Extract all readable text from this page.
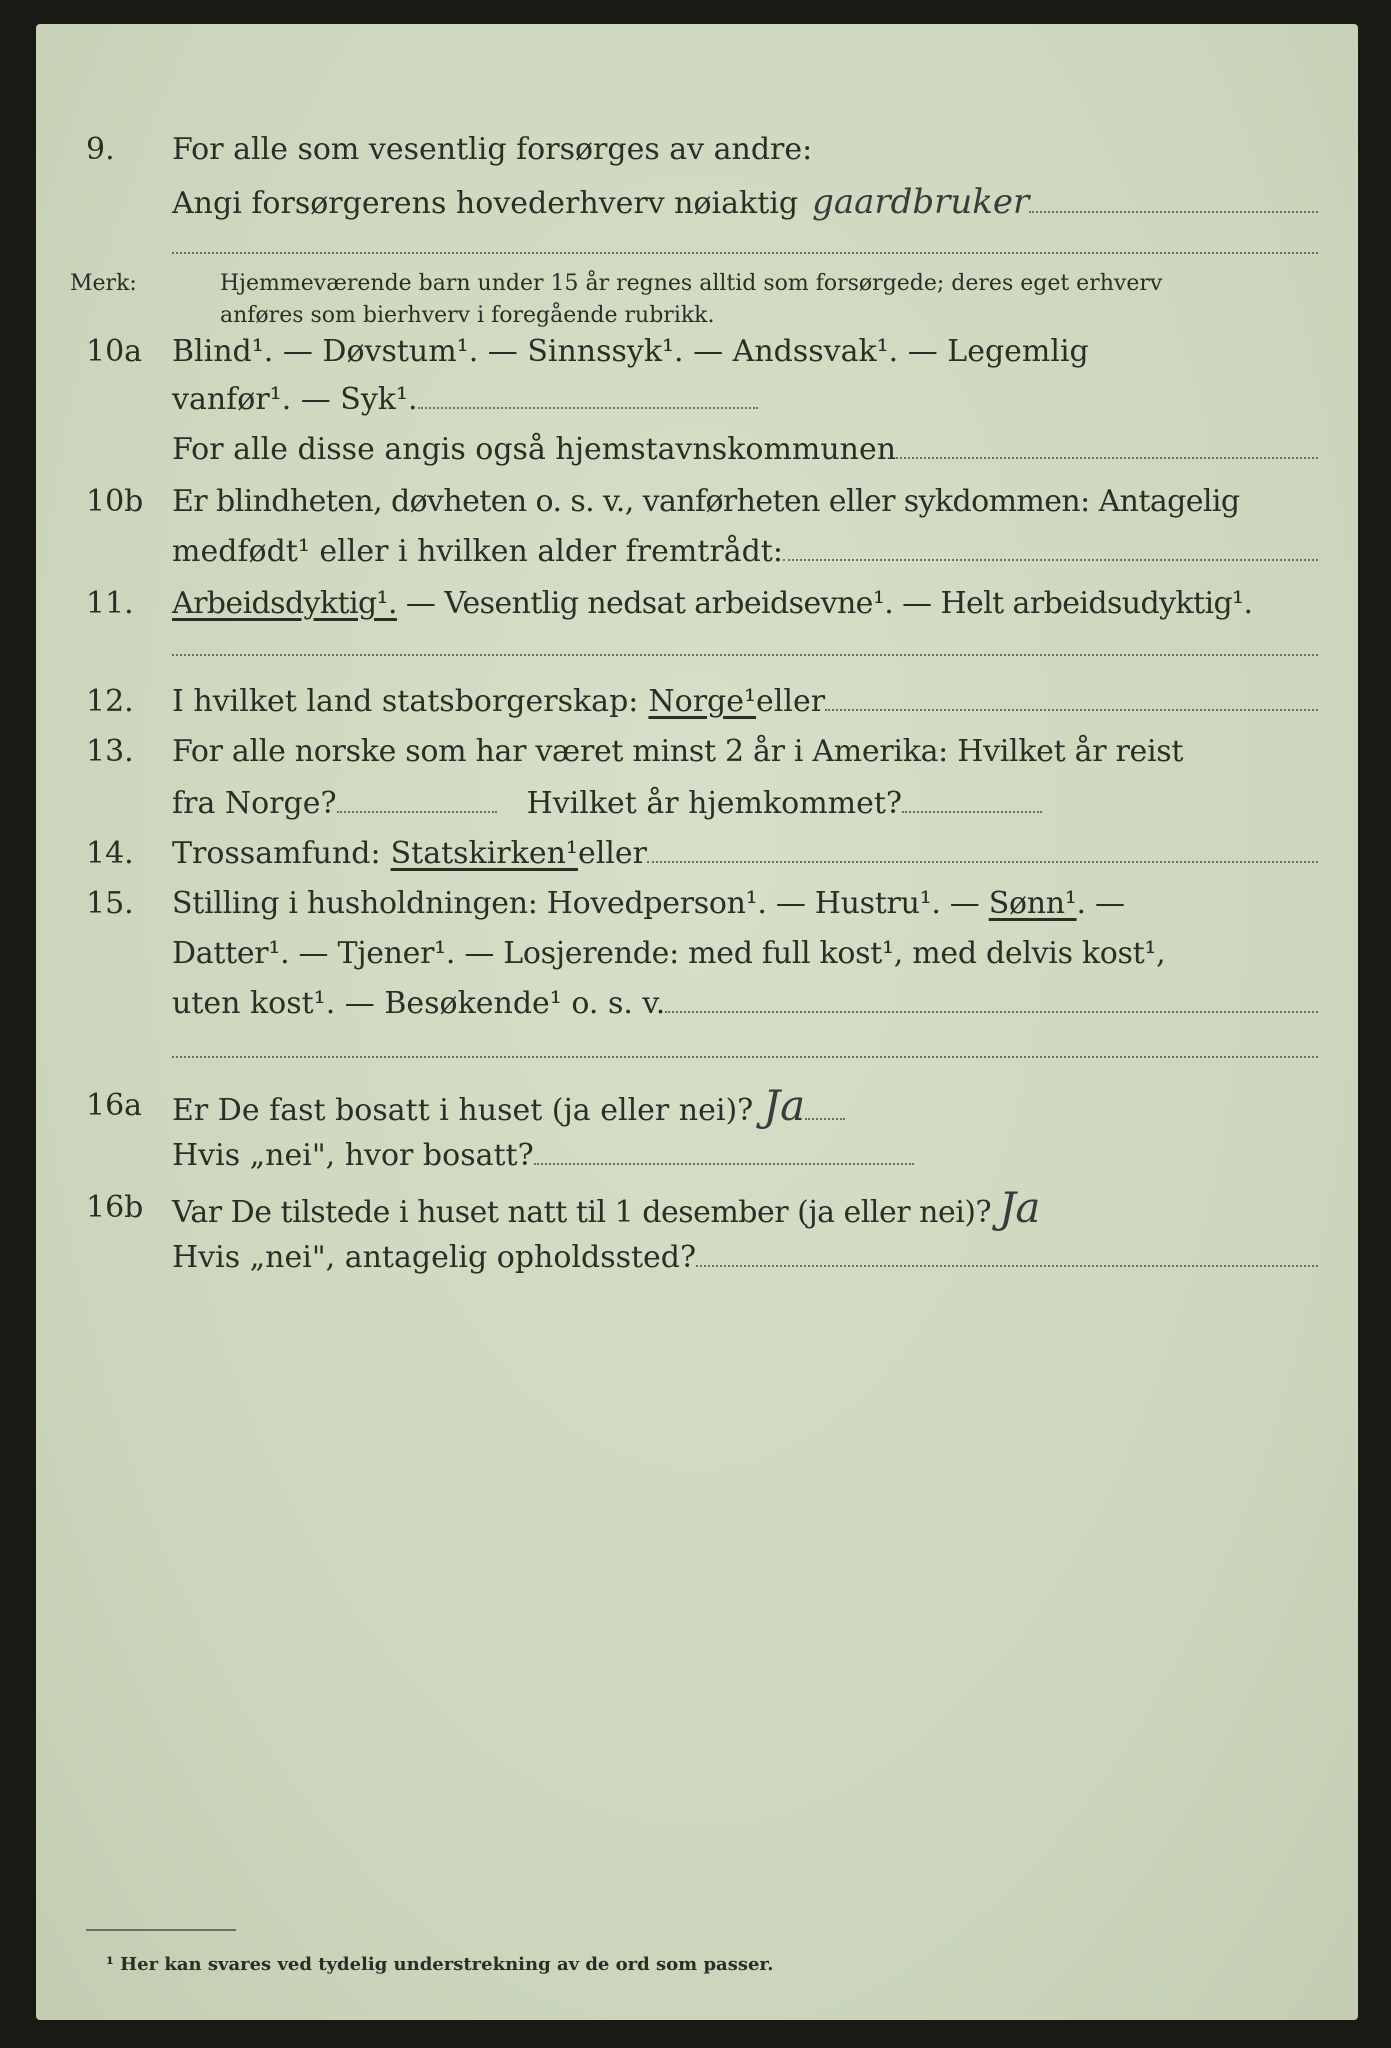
9.	For alle som vesentlig forsørges av andre:
Angi forsørgerens hovederhverv nøiaktig gaardbruker
Merk:	Hjemmeværende barn under 15 år regnes alltid som forsørgede; deres eget erhverv
anføres som bierhverv i foregående rubrikk.
10a Blind¹. — Døvstum¹. — Sinnssyk¹. — Andssvak¹. — Legemlig
vanfør¹. — Syk¹.
For alle disse angis også hjemstavnskommunen
10b Er blindheten, døvheten o. s. v., vanførheten eller sykdommen: Antagelig
medfødt¹ eller i hvilken alder fremtrådt:
11.	Arbeidsdyktig¹. — Vesentlig nedsat arbeidsevne¹. — Helt arbeidsudyktig¹.
12.	I hvilket land statsborgerskap: Norge¹ eller
13.	For alle norske som har været minst 2 år i Amerika: Hvilket år reist
fra Norge?	Hvilket år hjemkommet?
14.	Trossamfund: Statskirken¹ eller
15.	Stilling i husholdningen: Hovedperson¹. — Hustru¹. — Sønn¹. —
Datter¹. — Tjener¹. — Losjerende: med full kost¹, med delvis kost¹,
uten kost¹. — Besøkende¹ o. s. v.
16a Er De fast bosatt i huset (ja eller nei)? Ja
Hvis „nei", hvor bosatt?
16b Var De tilstede i huset natt til 1 desember (ja eller nei)? Ja
Hvis „nei", antagelig opholdssted?
¹ Her kan svares ved tydelig understrekning av de ord som passer.
